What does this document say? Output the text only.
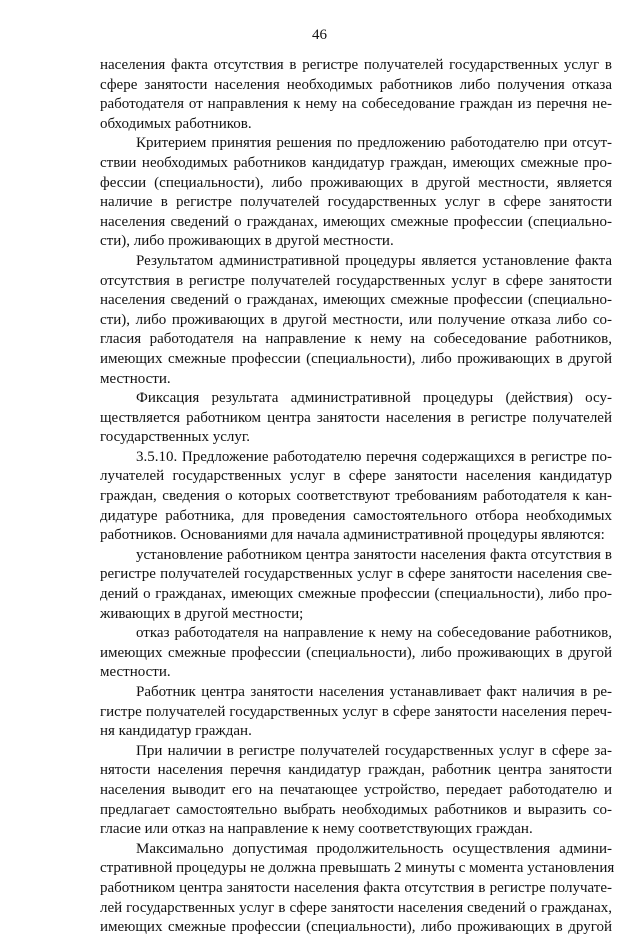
46
населения факта отсутствия в регистре получателей государственных услуг в
сфере занятости населения необходимых работников либо получения отказа
работодателя от направления к нему на собеседование граждан из перечня не-
обходимых работников.
Критерием принятия решения по предложению работодателю при отсут-
ствии необходимых работников кандидатур граждан, имеющих смежные про-
фессии (специальности), либо проживающих в другой местности, является
наличие в регистре получателей государственных услуг в сфере занятости
населения сведений о гражданах, имеющих смежные профессии (специально-
сти), либо проживающих в другой местности.
Результатом административной процедуры является установление факта
отсутствия в регистре получателей государственных услуг в сфере занятости
населения сведений о гражданах, имеющих смежные профессии (специально-
сти), либо проживающих в другой местности, или получение отказа либо со-
гласия работодателя на направление к нему на собеседование работников,
имеющих смежные профессии (специальности), либо проживающих в другой
местности.
Фиксация результата административной процедуры (действия) осу-
ществляется работником центра занятости населения в регистре получателей
государственных услуг.
3.5.10. Предложение работодателю перечня содержащихся в регистре по-
лучателей государственных услуг в сфере занятости населения кандидатур
граждан, сведения о которых соответствуют требованиям работодателя к кан-
дидатуре работника, для проведения самостоятельного отбора необходимых
работников. Основаниями для начала административной процедуры являются:
установление работником центра занятости населения факта отсутствия в
регистре получателей государственных услуг в сфере занятости населения све-
дений о гражданах, имеющих смежные профессии (специальности), либо про-
живающих в другой местности;
отказ работодателя на направление к нему на собеседование работников,
имеющих смежные профессии (специальности), либо проживающих в другой
местности.
Работник центра занятости населения устанавливает факт наличия в ре-
гистре получателей государственных услуг в сфере занятости населения переч-
ня кандидатур граждан.
При наличии в регистре получателей государственных услуг в сфере за-
нятости населения перечня кандидатур граждан, работник центра занятости
населения выводит его на печатающее устройство, передает работодателю и
предлагает самостоятельно выбрать необходимых работников и выразить со-
гласие или отказ на направление к нему соответствующих граждан.
Максимально допустимая продолжительность осуществления админи-
стративной процедуры не должна превышать 2 минуты с момента установления
работником центра занятости населения факта отсутствия в регистре получате-
лей государственных услуг в сфере занятости населения сведений о гражданах,
имеющих смежные профессии (специальности), либо проживающих в другой
